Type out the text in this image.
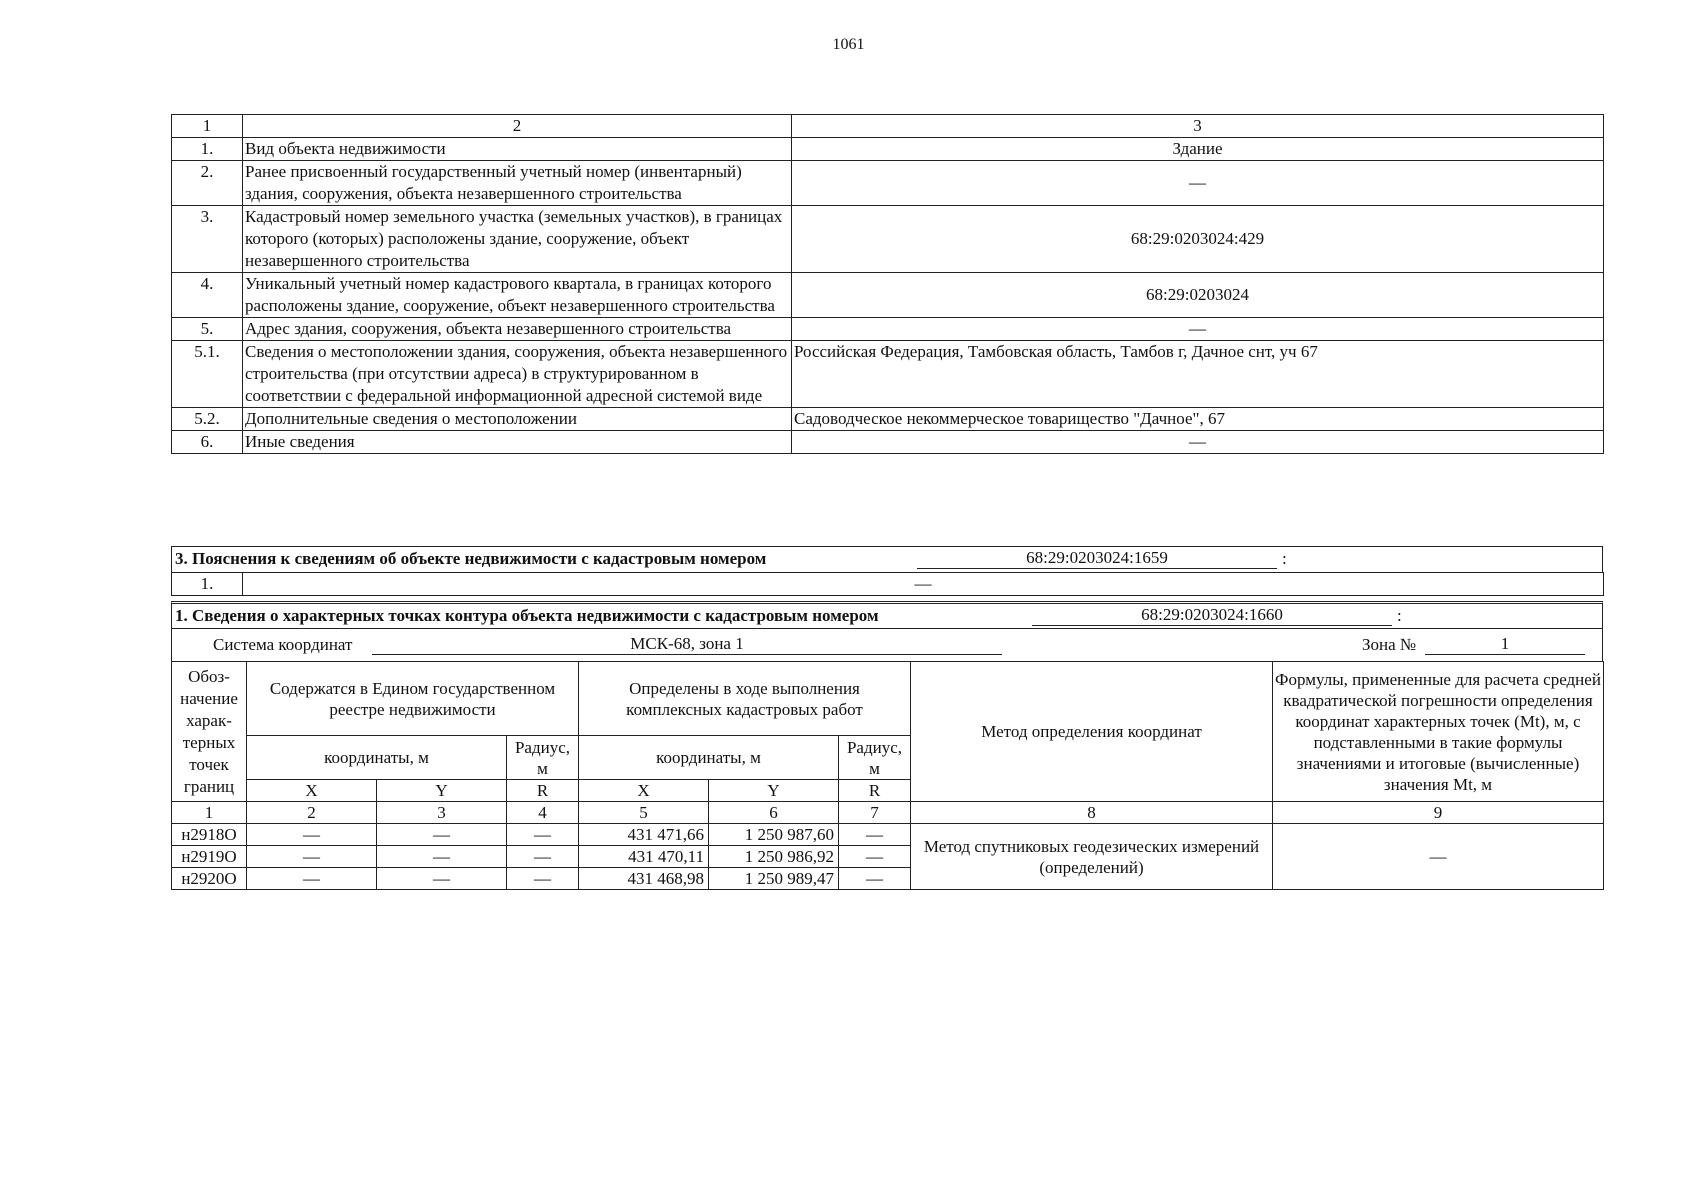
1061
1	2	3
1.	Вид объекта недвижимости	Здание
2.	Ранее присвоенный государственный учетный номер (инвентарный) здания, сооружения, объекта незавершенного строительства	—
3.	Кадастровый номер земельного участка (земельных участков), в границах которого (которых) расположены здание, сооружение, объект незавершенного строительства	68:29:0203024:429
4.	Уникальный учетный номер кадастрового квартала, в границах которого расположены здание, сооружение, объект незавершенного строительства	68:29:0203024
5.	Адрес здания, сооружения, объекта незавершенного строительства	—
5.1.	Сведения о местоположении здания, сооружения, объекта незавершенного строительства (при отсутствии адреса) в структурированном в соответствии с федеральной информационной адресной системой виде	Российская Федерация, Тамбовская область, Тамбов г, Дачное снт, уч 67
5.2.	Дополнительные сведения о местоположении	Садоводческое некоммерческое товарищество "Дачное", 67
6.	Иные сведения	—
3. Пояснения к сведениям об объекте недвижимости с кадастровым номером	68:29:0203024:1659	:
1.	—
1. Сведения о характерных точках контура объекта недвижимости с кадастровым номером	68:29:0203024:1660	:
Система координат	МСК-68, зона 1	Зона №	1
Обоз-начение харак-терных точек границ	Содержатся в Едином государственном реестре недвижимости			Определены в ходе выполнения комплексных кадастровых работ			Метод определения координат	Формулы, примененные для расчета средней квадратической погрешности определения координат характерных точек (Mt), м, с подставленными в такие формулы значениями и итоговые (вычисленные) значения Mt, м
	координаты, м		Радиус, м	координаты, м		Радиус, м		
	X	Y	R	X	Y	R		
1	2	3	4	5	6	7	8	9
н2918О	—	—	—	431 471,66	1 250 987,60	—	Метод спутниковых геодезических измерений (определений)	—
н2919О	—	—	—	431 470,11	1 250 986,92	—		
н2920О	—	—	—	431 468,98	1 250 989,47	—		
